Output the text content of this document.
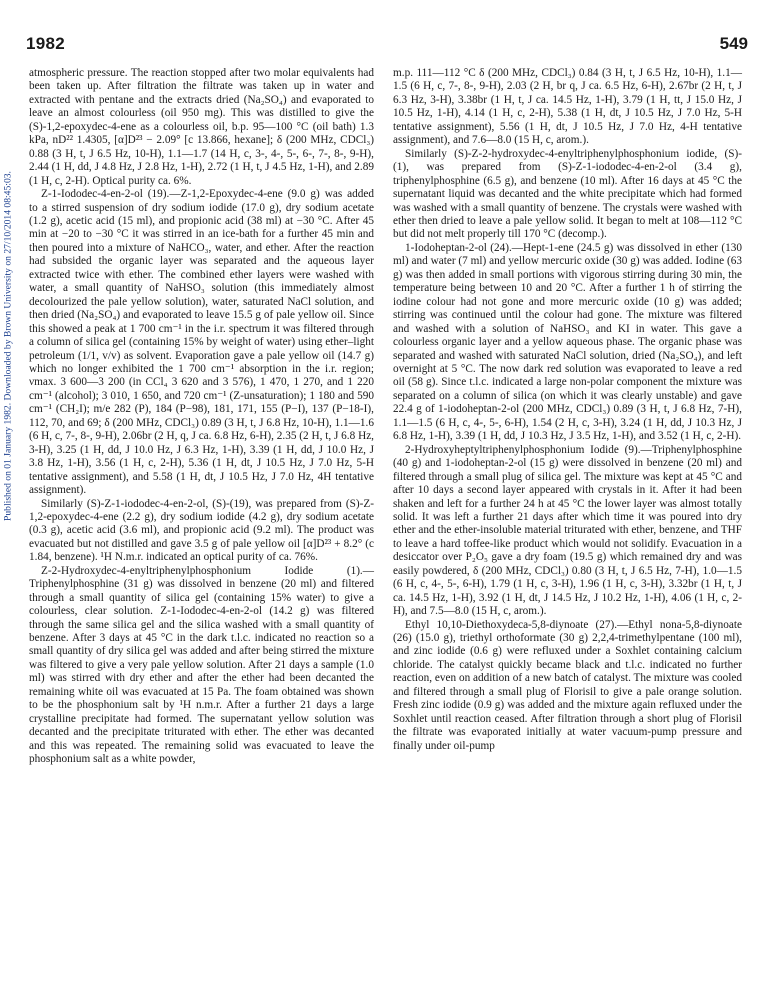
1982	549
Published on 01 January 1982. Downloaded by Brown University on 27/10/2014 08:45:03.

atmospheric pressure. The reaction stopped after two molar equivalents had been taken up. After filtration the filtrate was taken up in water and extracted with pentane and the extracts dried (Na₂SO₄) and evaporated to leave an almost colourless (oil 950 mg). This was distilled to give the (S)-1,2-epoxydec-4-ene as a colourless oil, b.p. 95—100 °C (oil bath) 1.3 kPa, nD²² 1.4305, [α]D²³ − 2.09° [c 13.866, hexane]; δ (200 MHz, CDCl₃) 0.88 (3 H, t, J 6.5 Hz, 10-H), 1.1—1.7 (14 H, c, 3-, 4-, 5-, 6-, 7-, 8-, 9-H), 2.44 (1 H, dd, J 4.8 Hz, J 2.8 Hz, 1-H), 2.72 (1 H, t, J 4.5 Hz, 1-H), and 2.89 (1 H, c, 2-H). Optical purity ca. 6%.

Z-1-Iododec-4-en-2-ol (19).—Z-1,2-Epoxydec-4-ene (9.0 g) was added to a stirred suspension of dry sodium iodide (17.0 g), dry sodium acetate (1.2 g), acetic acid (15 ml), and propionic acid (38 ml) at −30 °C. After 45 min at −20 to −30 °C it was stirred in an ice-bath for a further 45 min and then poured into a mixture of NaHCO₃, water, and ether. After the reaction had subsided the organic layer was separated and the aqueous layer extracted twice with ether. The combined ether layers were washed with water, a small quantity of NaHSO₃ solution (this immediately almost decolourized the pale yellow solution), water, saturated NaCl solution, and then dried (Na₂SO₄) and evaporated to leave 15.5 g of pale yellow oil. Since this showed a peak at 1 700 cm⁻¹ in the i.r. spectrum it was filtered through a column of silica gel (containing 15% by weight of water) using ether–light petroleum (1/1, v/v) as solvent. Evaporation gave a pale yellow oil (14.7 g) which no longer exhibited the 1 700 cm⁻¹ absorption in the i.r. region; νmax. 3 600—3 200 (in CCl₄ 3 620 and 3 576), 1 470, 1 270, and 1 220 cm⁻¹ (alcohol); 3 010, 1 650, and 720 cm⁻¹ (Z-unsaturation); 1 180 and 590 cm⁻¹ (CH₂I); m/e 282 (P), 184 (P−98), 181, 171, 155 (P−I), 137 (P−18-I), 112, 70, and 69; δ (200 MHz, CDCl₃) 0.89 (3 H, t, J 6.8 Hz, 10-H), 1.1—1.6 (6 H, c, 7-, 8-, 9-H), 2.06br (2 H, q, J ca. 6.8 Hz, 6-H), 2.35 (2 H, t, J 6.8 Hz, 3-H), 3.25 (1 H, dd, J 10.0 Hz, J 6.3 Hz, 1-H), 3.39 (1 H, dd, J 10.0 Hz, J 3.8 Hz, 1-H), 3.56 (1 H, c, 2-H), 5.36 (1 H, dt, J 10.5 Hz, J 7.0 Hz, 5-H tentative assignment), and 5.58 (1 H, dt, J 10.5 Hz, J 7.0 Hz, 4H tentative assignment).

Similarly (S)-Z-1-iododec-4-en-2-ol, (S)-(19), was prepared from (S)-Z-1,2-epoxydec-4-ene (2.2 g), dry sodium iodide (4.2 g), dry sodium acetate (0.3 g), acetic acid (3.6 ml), and propionic acid (9.2 ml). The product was evacuated but not distilled and gave 3.5 g of pale yellow oil [α]D²³ + 8.2° (c 1.84, benzene). ¹H N.m.r. indicated an optical purity of ca. 76%.

Z-2-Hydroxydec-4-enyltriphenylphosphonium Iodide (1).—Triphenylphosphine (31 g) was dissolved in benzene (20 ml) and filtered through a small quantity of silica gel (containing 15% water) to give a colourless, clear solution. Z-1-Iododec-4-en-2-ol (14.2 g) was filtered through the same silica gel and the silica washed with a small quantity of benzene. After 3 days at 45 °C in the dark t.l.c. indicated no reaction so a small quantity of dry silica gel was added and after being stirred the mixture was filtered to give a very pale yellow solution. After 21 days a sample (1.0 ml) was stirred with dry ether and after the ether had been decanted the remaining white oil was evacuated at 15 Pa. The foam obtained was shown to be the phosphonium salt by ¹H n.m.r. After a further 21 days a large crystalline precipitate had formed. The supernatant yellow solution was decanted and the precipitate triturated with ether. The ether was decanted and this was repeated. The remaining solid was evacuated to leave the phosphonium salt as a white powder,

m.p. 111—112 °C δ (200 MHz, CDCl₃) 0.84 (3 H, t, J 6.5 Hz, 10-H), 1.1—1.5 (6 H, c, 7-, 8-, 9-H), 2.03 (2 H, br q, J ca. 6.5 Hz, 6-H), 2.67br (2 H, t, J 6.3 Hz, 3-H), 3.38br (1 H, t, J ca. 14.5 Hz, 1-H), 3.79 (1 H, tt, J 15.0 Hz, J 10.5 Hz, 1-H), 4.14 (1 H, c, 2-H), 5.38 (1 H, dt, J 10.5 Hz, J 7.0 Hz, 5-H tentative assignment), 5.56 (1 H, dt, J 10.5 Hz, J 7.0 Hz, 4-H tentative assignment), and 7.6—8.0 (15 H, c, arom.).

Similarly (S)-Z-2-hydroxydec-4-enyltriphenylphosphonium iodide, (S)-(1), was prepared from (S)-Z-1-iododec-4-en-2-ol (3.4 g), triphenylphosphine (6.5 g), and benzene (10 ml). After 16 days at 45 °C the supernatant liquid was decanted and the white precipitate which had formed was washed with a small quantity of benzene. The crystals were washed with ether then dried to leave a pale yellow solid. It began to melt at 108—112 °C but did not melt properly till 170 °C (decomp.).

1-Iodoheptan-2-ol (24).—Hept-1-ene (24.5 g) was dissolved in ether (130 ml) and water (7 ml) and yellow mercuric oxide (30 g) was added. Iodine (63 g) was then added in small portions with vigorous stirring during 30 min, the temperature being between 10 and 20 °C. After a further 1 h of stirring the iodine colour had not gone and more mercuric oxide (10 g) was added; stirring was continued until the colour had gone. The mixture was filtered and washed with a solution of NaHSO₃ and KI in water. This gave a colourless organic layer and a yellow aqueous phase. The organic phase was separated and washed with saturated NaCl solution, dried (Na₂SO₄), and left overnight at 5 °C. The now dark red solution was evaporated to leave a red oil (58 g). Since t.l.c. indicated a large non-polar component the mixture was separated on a column of silica (on which it was clearly unstable) and gave 22.4 g of 1-iodoheptan-2-ol (200 MHz, CDCl₃) 0.89 (3 H, t, J 6.8 Hz, 7-H), 1.1—1.5 (6 H, c, 4-, 5-, 6-H), 1.54 (2 H, c, 3-H), 3.24 (1 H, dd, J 10.3 Hz, J 6.8 Hz, 1-H), 3.39 (1 H, dd, J 10.3 Hz, J 3.5 Hz, 1-H), and 3.52 (1 H, c, 2-H).

2-Hydroxyheptyltriphenylphosphonium Iodide (9).—Triphenylphosphine (40 g) and 1-iodoheptan-2-ol (15 g) were dissolved in benzene (20 ml) and filtered through a small plug of silica gel. The mixture was kept at 45 °C and after 10 days a second layer appeared with crystals in it. After it had been shaken and left for a further 24 h at 45 °C the lower layer was almost totally solid. It was left a further 21 days after which time it was poured into dry ether and the ether-insoluble material triturated with ether, benzene, and THF to leave a hard toffee-like product which would not solidify. Evacuation in a desiccator over P₂O₅ gave a dry foam (19.5 g) which remained dry and was easily powdered, δ (200 MHz, CDCl₃) 0.80 (3 H, t, J 6.5 Hz, 7-H), 1.0—1.5 (6 H, c, 4-, 5-, 6-H), 1.79 (1 H, c, 3-H), 1.96 (1 H, c, 3-H), 3.32br (1 H, t, J ca. 14.5 Hz, 1-H), 3.92 (1 H, dt, J 14.5 Hz, J 10.2 Hz, 1-H), 4.06 (1 H, c, 2-H), and 7.5—8.0 (15 H, c, arom.).

Ethyl 10,10-Diethoxydeca-5,8-diynoate (27).—Ethyl nona-5,8-diynoate (26) (15.0 g), triethyl orthoformate (30 g) 2,2,4-trimethylpentane (100 ml), and zinc iodide (0.6 g) were refluxed under a Soxhlet containing calcium chloride. The catalyst quickly became black and t.l.c. indicated no further reaction, even on addition of a new batch of catalyst. The mixture was cooled and filtered through a small plug of Florisil to give a pale orange solution. Fresh zinc iodide (0.9 g) was added and the mixture again refluxed under the Soxhlet until reaction ceased. After filtration through a short plug of Florisil the filtrate was evaporated initially at water vacuum-pump pressure and finally under oil-pump
